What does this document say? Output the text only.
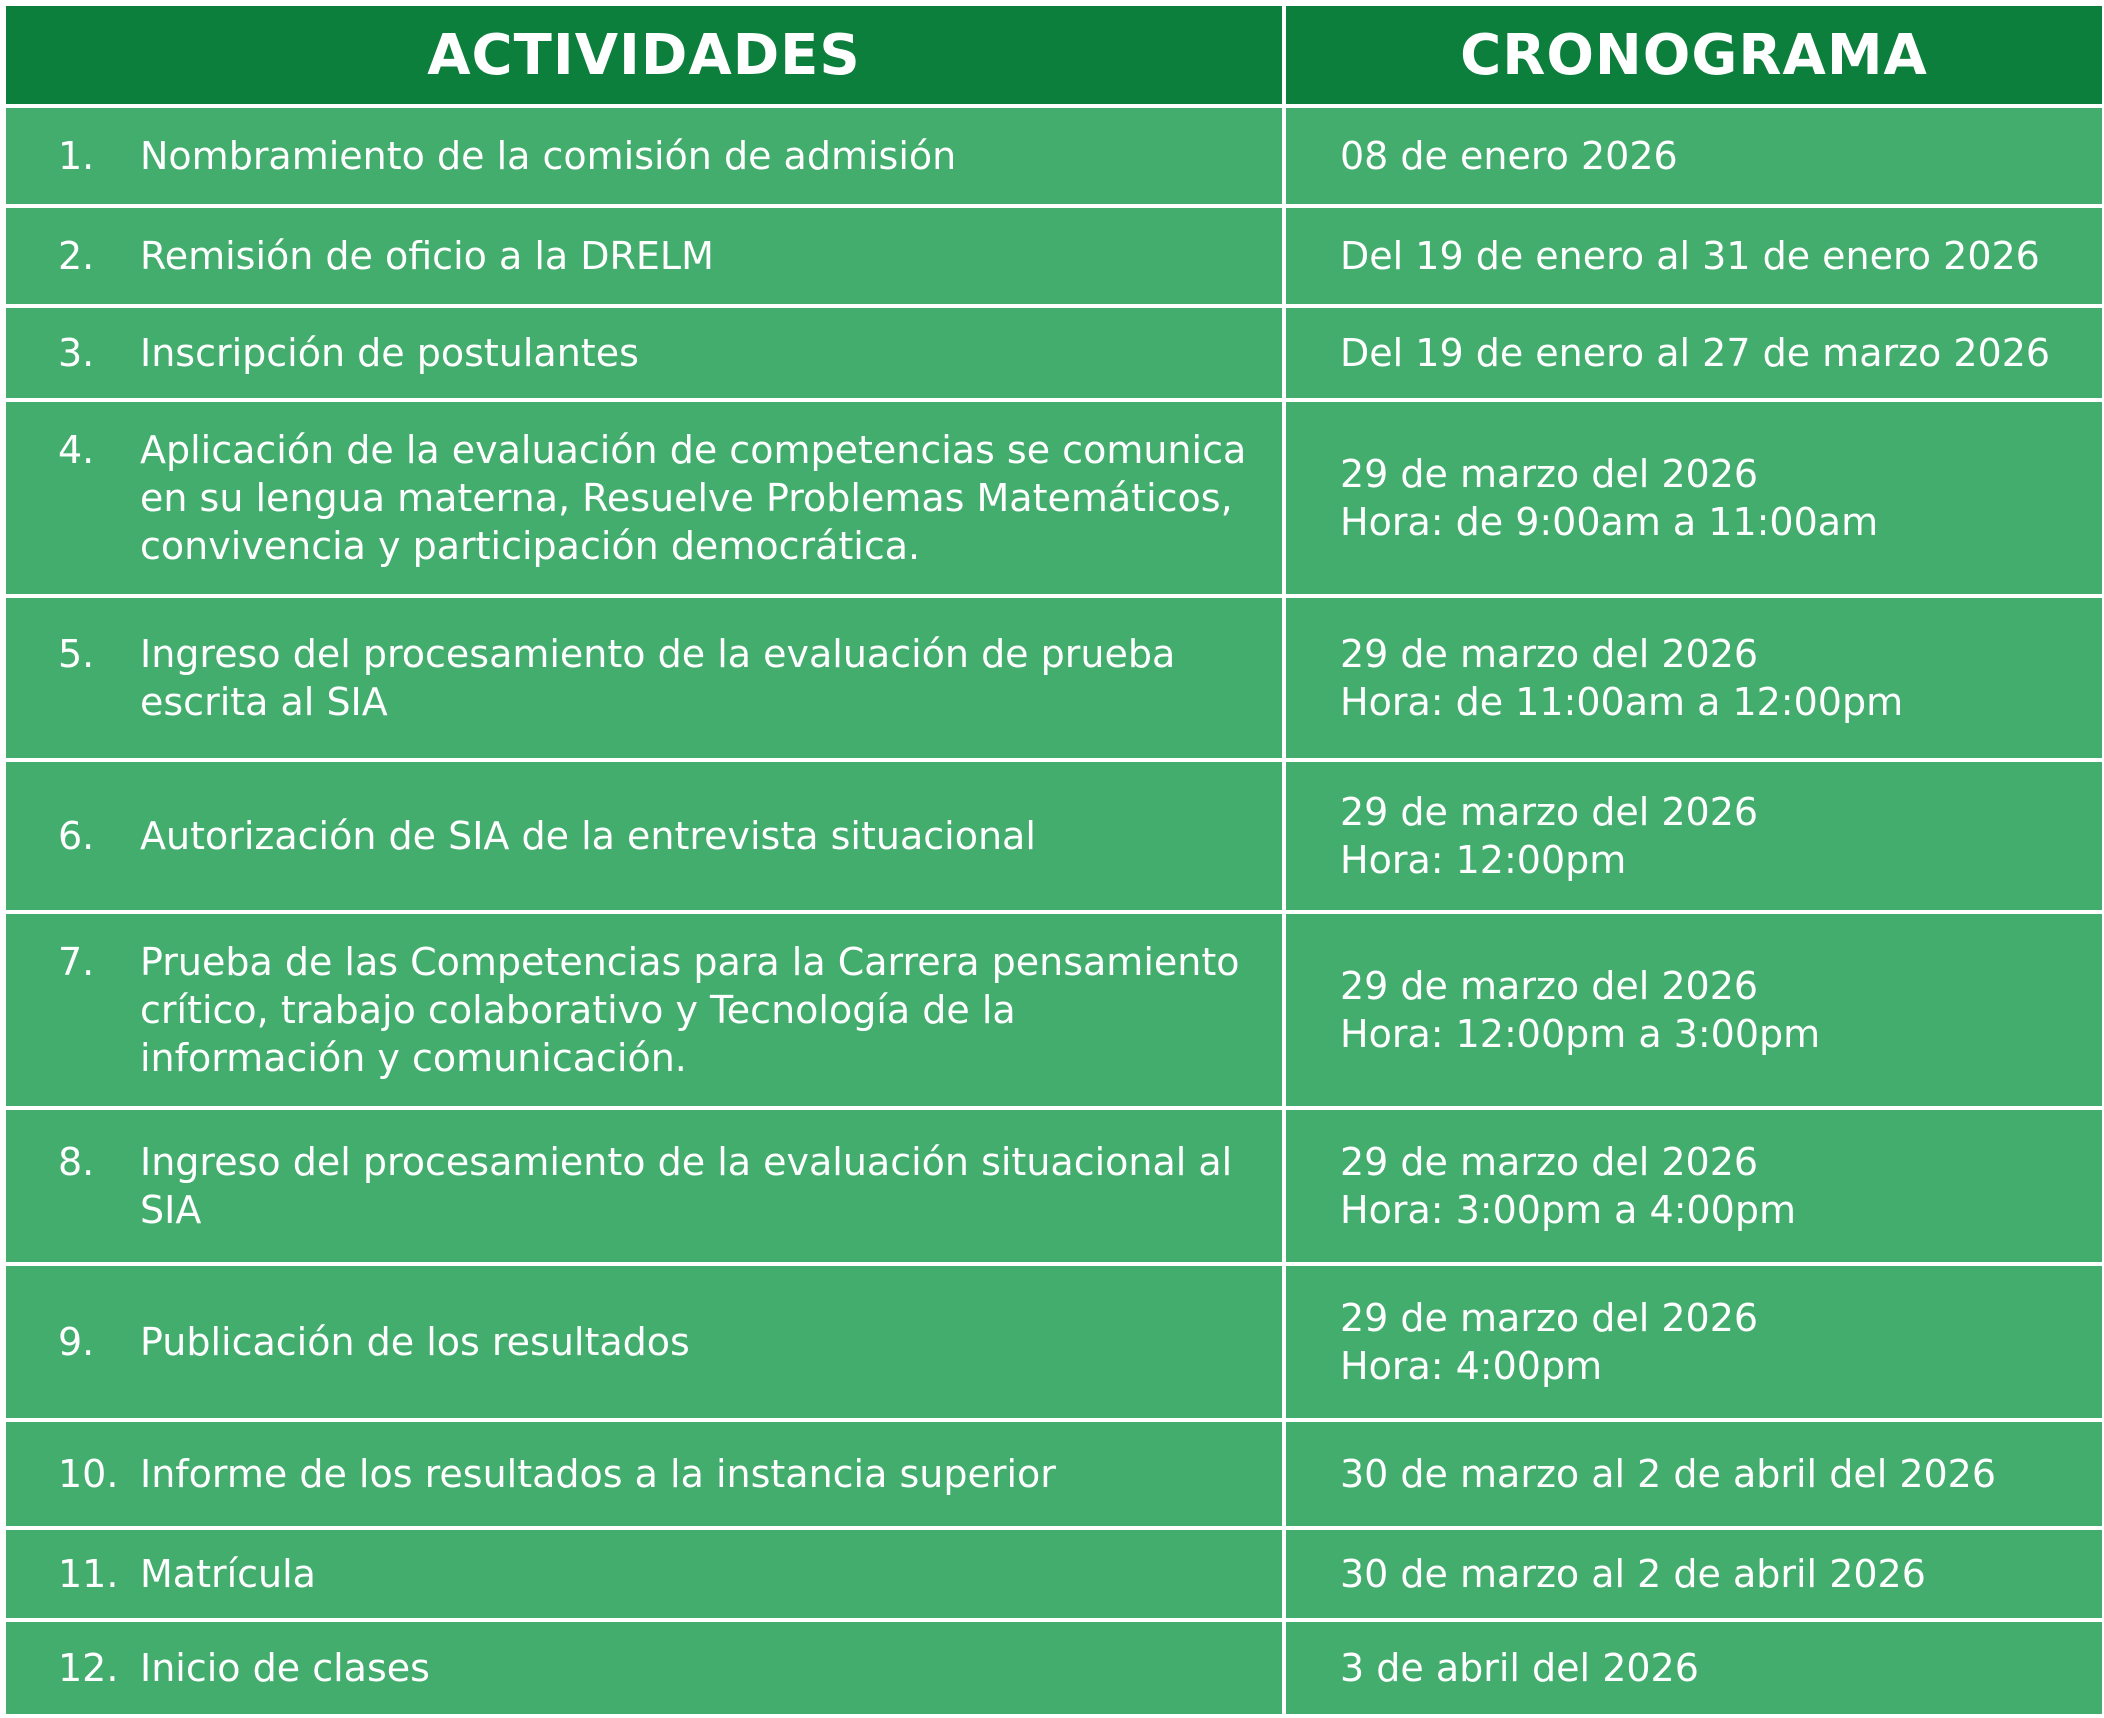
ACTIVIDADES	CRONOGRAMA

1. Nombramiento de la comisión de admisión	08 de enero 2026

2. Remisión de oficio a la DRELM	Del 19 de enero al 31 de enero 2026

3. Inscripción de postulantes	Del 19 de enero al 27 de marzo 2026

4. Aplicación de la evaluación de competencias se comunica en su lengua materna, Resuelve Problemas Matemáticos, convivencia y participación democrática.	29 de marzo del 2026
Hora: de 9:00am a 11:00am

5. Ingreso del procesamiento de la evaluación de prueba escrita al SIA	29 de marzo del 2026
Hora: de 11:00am a 12:00pm

6. Autorización de SIA de la entrevista situacional	29 de marzo del 2026
Hora: 12:00pm

7. Prueba de las Competencias para la Carrera pensamiento crítico, trabajo colaborativo y Tecnología de la información y comunicación.	29 de marzo del 2026
Hora: 12:00pm a 3:00pm

8. Ingreso del procesamiento de la evaluación situacional al SIA	29 de marzo del 2026
Hora: 3:00pm a 4:00pm

9. Publicación de los resultados	29 de marzo del 2026
Hora: 4:00pm

10. Informe de los resultados a la instancia superior	30 de marzo al 2 de abril del 2026

11. Matrícula	30 de marzo al 2 de abril 2026

12. Inicio de clases	3 de abril del 2026
